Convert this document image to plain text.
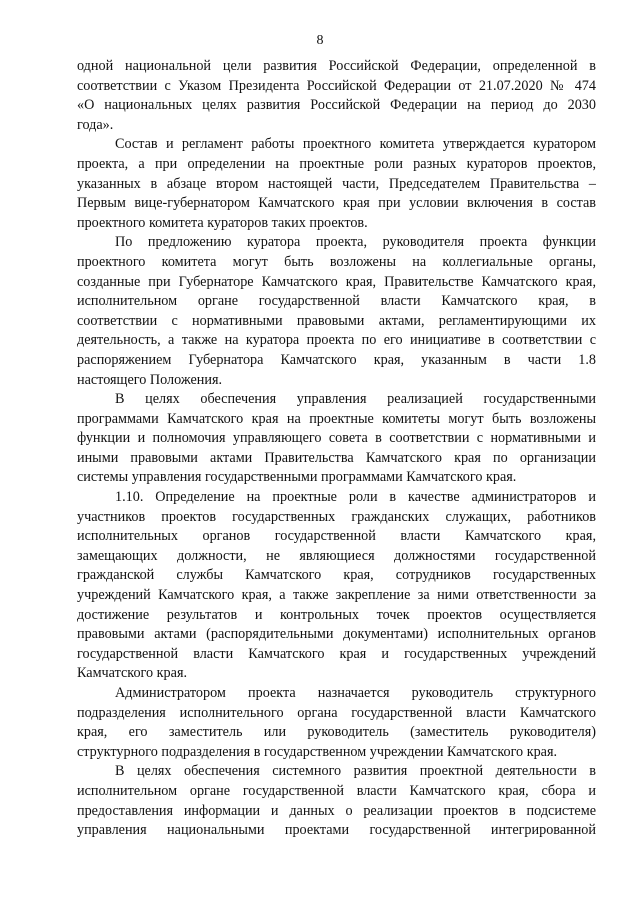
8
одной национальной цели развития Российской Федерации, определенной в
соответствии с Указом Президента Российской Федерации от 21.07.2020 № 474
«О национальных целях развития Российской Федерации на период до 2030
года».
Состав и регламент работы проектного комитета утверждается куратором
проекта, а при определении на проектные роли разных кураторов проектов,
указанных в абзаце втором настоящей части, Председателем Правительства –
Первым вице-губернатором Камчатского края при условии включения в состав
проектного комитета кураторов таких проектов.
По предложению куратора проекта, руководителя проекта функции
проектного комитета могут быть возложены на коллегиальные органы,
созданные при Губернаторе Камчатского края, Правительстве Камчатского края,
исполнительном органе государственной власти Камчатского края, в
соответствии с нормативными правовыми актами, регламентирующими их
деятельность, а также на куратора проекта по его инициативе в соответствии с
распоряжением Губернатора Камчатского края, указанным в части 1.8
настоящего Положения.
В целях обеспечения управления реализацией государственными
программами Камчатского края на проектные комитеты могут быть возложены
функции и полномочия управляющего совета в соответствии с нормативными и
иными правовыми актами Правительства Камчатского края по организации
системы управления государственными программами Камчатского края.
1.10. Определение на проектные роли в качестве администраторов и
участников проектов государственных гражданских служащих, работников
исполнительных органов государственной власти Камчатского края,
замещающих должности, не являющиеся должностями государственной
гражданской службы Камчатского края, сотрудников государственных
учреждений Камчатского края, а также закрепление за ними ответственности за
достижение результатов и контрольных точек проектов осуществляется
правовыми актами (распорядительными документами) исполнительных органов
государственной власти Камчатского края и государственных учреждений
Камчатского края.
Администратором проекта назначается руководитель структурного
подразделения исполнительного органа государственной власти Камчатского
края, его заместитель или руководитель (заместитель руководителя)
структурного подразделения в государственном учреждении Камчатского края.
В целях обеспечения системного развития проектной деятельности в
исполнительном органе государственной власти Камчатского края, сбора и
предоставления информации и данных о реализации проектов в подсистеме
управления национальными проектами государственной интегрированной
